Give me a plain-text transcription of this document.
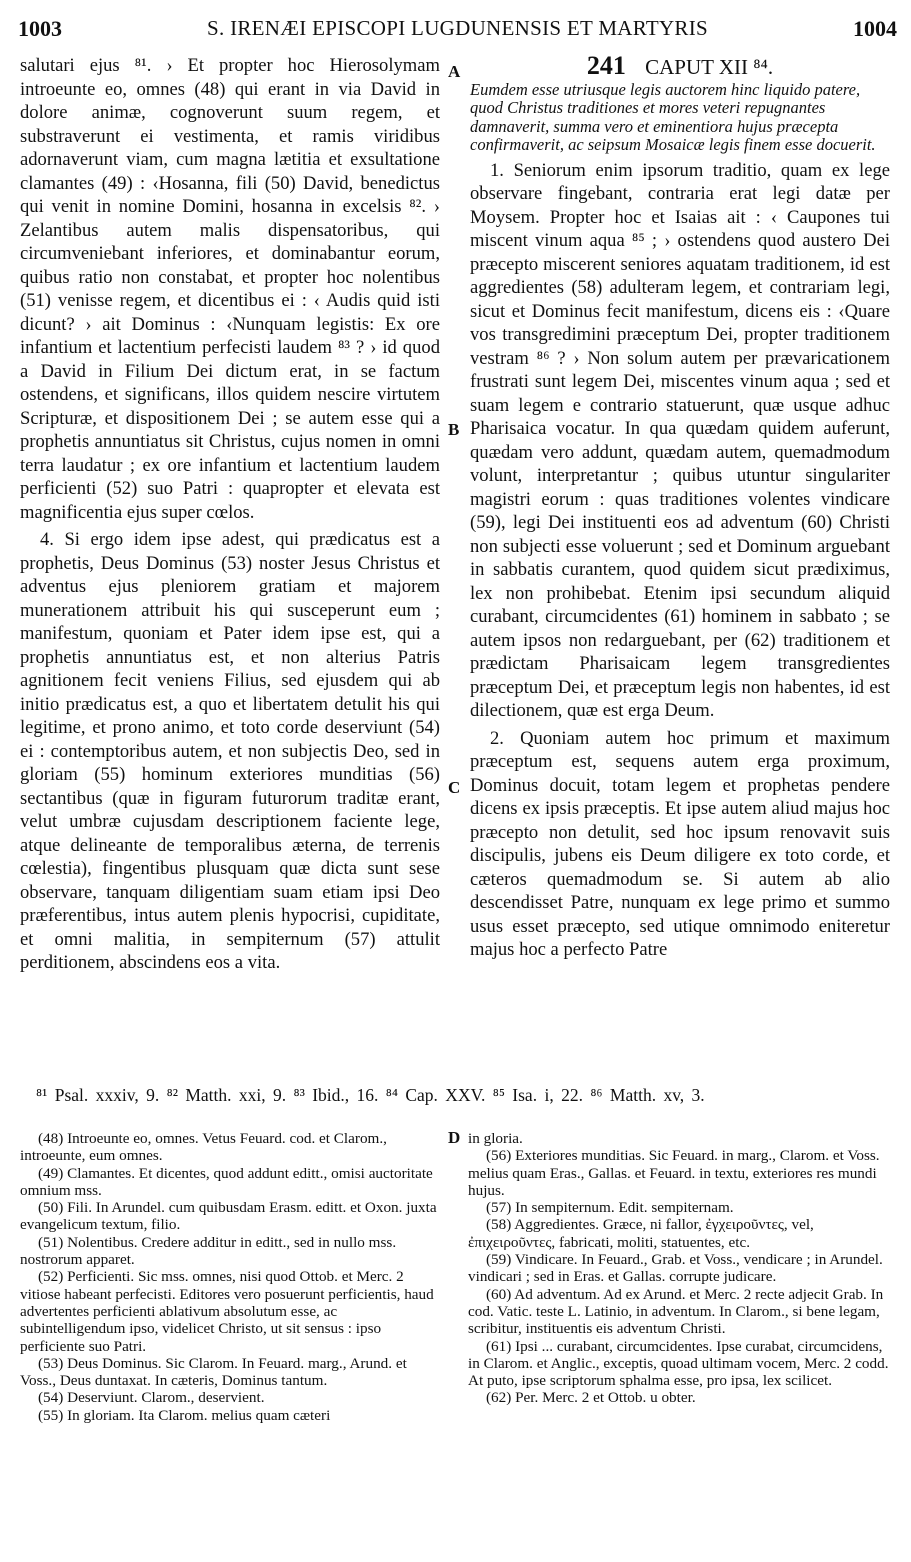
1003	S. IRENÆI EPISCOPI LUGDUNENSIS ET MARTYRIS	1004

salutari ejus ⁸¹. › Et propter hoc Hierosolymam introeunte eo, omnes (48) qui erant in via David in dolore animæ, cognoverunt suum regem, et substraverunt ei vestimenta, et ramis viridibus adornaverunt viam, cum magna lætitia et exsultatione clamantes (49) : ‹Hosanna, fili (50) David, benedictus qui venit in nomine Domini, hosanna in excelsis ⁸². › Zelantibus autem malis dispensatoribus, qui circumveniebant inferiores, et dominabantur eorum, quibus ratio non constabat, et propter hoc nolentibus (51) venisse regem, et dicentibus ei : ‹ Audis quid isti dicunt? › ait Dominus : ‹Nunquam legistis: Ex ore infantium et lactentium perfecisti laudem ⁸³ ? › id quod a David in Filium Dei dictum erat, in se factum ostendens, et significans, illos quidem nescire virtutem Scripturæ, et dispositionem Dei ; se autem esse qui a prophetis annuntiatus sit Christus, cujus nomen in omni terra laudatur ; ex ore infantium et lactentium laudem perficienti (52) suo Patri : quapropter et elevata est magnificentia ejus super cœlos.

4. Si ergo idem ipse adest, qui prædicatus est a prophetis, Deus Dominus (53) noster Jesus Christus et adventus ejus pleniorem gratiam et majorem munerationem attribuit his qui susceperunt eum ; manifestum, quoniam et Pater idem ipse est, qui a prophetis annuntiatus est, et non alterius Patris agnitionem fecit veniens Filius, sed ejusdem qui ab initio prædicatus est, a quo et libertatem detulit his qui legitime, et prono animo, et toto corde deserviunt (54) ei : contemptoribus autem, et non subjectis Deo, sed in gloriam (55) hominum exteriores munditias (56) sectantibus (quæ in figuram futurorum traditæ erant, velut umbræ cujusdam descriptionem faciente lege, atque delineante de temporalibus æterna, de terrenis cœlestia), fingentibus plusquam quæ dicta sunt sese observare, tanquam diligentiam suam etiam ipsi Deo præferentibus, intus autem plenis hypocrisi, cupiditate, et omni malitia, in sempiternum (57) attulit perditionem, abscindens eos a vita.

A
B
C
D
241 CAPUT XII ⁸⁴.

Eumdem esse utriusque legis auctorem hinc liquido patere, quod Christus traditiones et mores veteri repugnantes damnaverit, summa vero et eminentiora hujus præcepta confirmaverit, ac seipsum Mosaicæ legis finem esse docuerit.

1. Seniorum enim ipsorum traditio, quam ex lege observare fingebant, contraria erat legi datæ per Moysem. Propter hoc et Isaias ait : ‹ Caupones tui miscent vinum aqua ⁸⁵ ; › ostendens quod austero Dei præcepto miscerent seniores aquatam traditionem, id est aggredientes (58) adulteram legem, et contrariam legi, sicut et Dominus fecit manifestum, dicens eis : ‹Quare vos transgredimini præceptum Dei, propter traditionem vestram ⁸⁶ ? › Non solum autem per prævaricationem frustrati sunt legem Dei, miscentes vinum aqua ; sed et suam legem e contrario statuerunt, quæ usque adhuc Pharisaica vocatur. In qua quædam quidem auferunt, quædam vero addunt, quædam autem, quemadmodum volunt, interpretantur ; quibus utuntur singulariter magistri eorum : quas traditiones volentes vindicare (59), legi Dei instituenti eos ad adventum (60) Christi non subjecti esse voluerunt ; sed et Dominum arguebant in sabbatis curantem, quod quidem sicut prædiximus, lex non prohibebat. Etenim ipsi secundum aliquid curabant, circumcidentes (61) hominem in sabbato ; se autem ipsos non redarguebant, per (62) traditionem et prædictam Pharisaicam legem transgredientes præceptum Dei, et præceptum legis non habentes, id est dilectionem, quæ est erga Deum.

2. Quoniam autem hoc primum et maximum præceptum est, sequens autem erga proximum, Dominus docuit, totam legem et prophetas pendere dicens ex ipsis præceptis. Et ipse autem aliud majus hoc præcepto non detulit, sed hoc ipsum renovavit suis discipulis, jubens eis Deum diligere ex toto corde, et cæteros quemadmodum se. Si autem ab alio descendisset Patre, nunquam ex lege primo et summo usus esset præcepto, sed utique omnimodo eniteretur majus hoc a perfecto Patre

⁸¹ Psal. xxxiv, 9. ⁸² Matth. xxi, 9. ⁸³ Ibid., 16. ⁸⁴ Cap. XXV. ⁸⁵ Isa. i, 22. ⁸⁶ Matth. xv, 3.

(48) Introeunte eo, omnes. Vetus Feuard. cod. et Clarom., introeunte, eum omnes.

(49) Clamantes. Et dicentes, quod addunt editt., omisi auctoritate omnium mss.

(50) Fili. In Arundel. cum quibusdam Erasm. editt. et Oxon. juxta evangelicum textum, filio.

(51) Nolentibus. Credere additur in editt., sed in nullo mss. nostrorum apparet.

(52) Perficienti. Sic mss. omnes, nisi quod Ottob. et Merc. 2 vitiose habeant perfecisti. Editores vero posuerunt perficientis, haud advertentes perficienti ablativum absolutum esse, ac subintelligendum ipso, videlicet Christo, ut sit sensus : ipso perficiente suo Patri.

(53) Deus Dominus. Sic Clarom. In Feuard. marg., Arund. et Voss., Deus duntaxat. In cæteris, Dominus tantum.

(54) Deserviunt. Clarom., deservient.

(55) In gloriam. Ita Clarom. melius quam cæteri

in gloria.

(56) Exteriores munditias. Sic Feuard. in marg., Clarom. et Voss. melius quam Eras., Gallas. et Feuard. in textu, exteriores res mundi hujus.

(57) In sempiternum. Edit. sempiternam.

(58) Aggredientes. Græce, ni fallor, ἐγχειροῦντες, vel, ἐπιχειροῦντες, fabricati, moliti, statuentes, etc.

(59) Vindicare. In Feuard., Grab. et Voss., vendicare ; in Arundel. vindicari ; sed in Eras. et Gallas. corrupte judicare.

(60) Ad adventum. Ad ex Arund. et Merc. 2 recte adjecit Grab. In cod. Vatic. teste L. Latinio, in adventum. In Clarom., si bene legam, scribitur, instituentis eis adventum Christi.

(61) Ipsi ... curabant, circumcidentes. Ipse curabat, circumcidens, in Clarom. et Anglic., exceptis, quoad ultimam vocem, Merc. 2 codd. At puto, ipse scriptorum sphalma esse, pro ipsa, lex scilicet.

(62) Per. Merc. 2 et Ottob. u obter.
